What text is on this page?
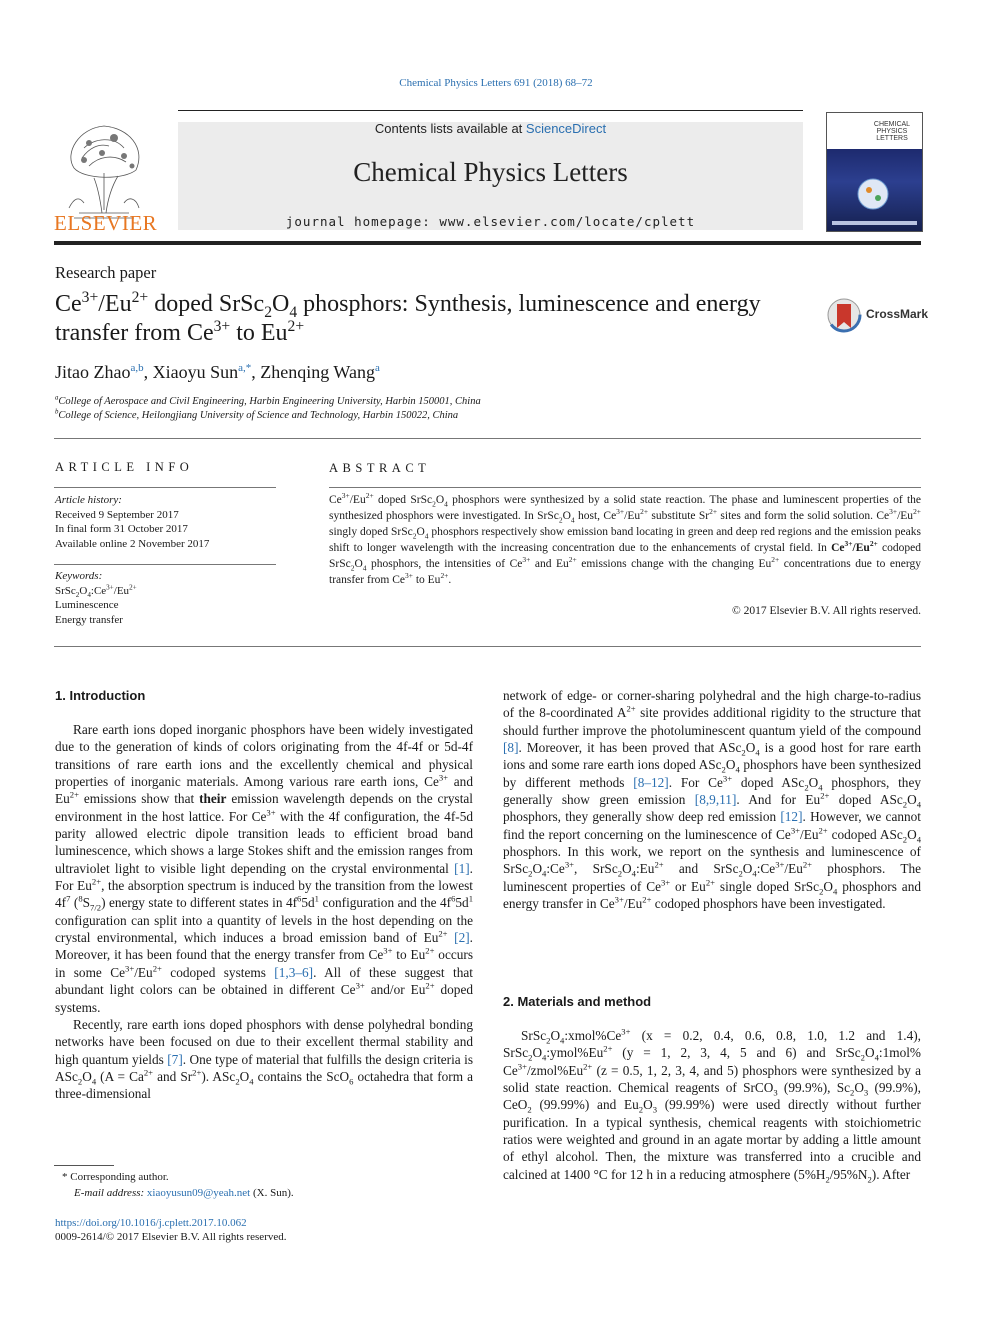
Chemical Physics Letters 691 (2018) 68–72
ELSEVIER
Contents lists available at ScienceDirect
Chemical Physics Letters
journal homepage: www.elsevier.com/locate/cplett
CHEMICAL PHYSICS LETTERS
Research paper
$Ce^{3+}/Eu^{2+}$ doped $SrSc_2O_4$ phosphors: Synthesis, luminescence and energy transfer from $Ce^{3+}$ to $Eu^{2+}$
CrossMark
Jitao Zhao$^{a,b}$, Xiaoyu Sun$^{a,*}$, Zhenqing Wang$^a$
$^a$College of Aerospace and Civil Engineering, Harbin Engineering University, Harbin 150001, China
$^b$College of Science, Heilongjiang University of Science and Technology, Harbin 150022, China
ARTICLE INFO	ABSTRACT
Article history:
Received 9 September 2017
In final form 31 October 2017
Available online 2 November 2017
Keywords:
$SrSc_2O_4:Ce^{3+}/Eu^{2+}$
Luminescence
Energy transfer
$Ce^{3+}/Eu^{2+}$ doped $SrSc_2O_4$ phosphors were synthesized by a solid state reaction. The phase and luminescent properties of the synthesized phosphors were investigated. In $SrSc_2O_4$ host, $Ce^{3+}/Eu^{2+}$ substitute $Sr^{2+}$ sites and form the solid solution. $Ce^{3+}/Eu^{2+}$ singly doped $SrSc_2O_4$ phosphors respectively show emission band locating in green and deep red regions and the emission peaks shift to longer wavelength with the increasing concentration due to the enhancements of crystal field. In $Ce^{3+}/Eu^{2+}$ codoped $SrSc_2O_4$ phosphors, the intensities of $Ce^{3+}$ and $Eu^{2+}$ emissions change with the changing $Eu^{2+}$ concentrations due to energy transfer from $Ce^{3+}$ to $Eu^{2+}$.
© 2017 Elsevier B.V. All rights reserved.
1. Introduction

Rare earth ions doped inorganic phosphors have been widely investigated due to the generation of kinds of colors originating from the 4f-4f or 5d-4f transitions of rare earth ions and the excellently chemical and physical properties of inorganic materials. Among various rare earth ions, $Ce^{3+}$ and $Eu^{2+}$ emissions show that their emission wavelength depends on the crystal environment in the host lattice. For $Ce^{3+}$ with the 4f configuration, the 4f-5d parity allowed electric dipole transition leads to efficient broad band luminescence, which shows a large Stokes shift and the emission ranges from ultraviolet light to visible light depending on the crystal environmental [1]. For $Eu^{2+}$, the absorption spectrum is induced by the transition from the lowest $4f^7$ $(^8S_{7/2})$ energy state to different states in $4f^65d^1$ configuration and the $4f^65d^1$ configuration can split into a quantity of levels in the host depending on the crystal environmental, which induces a broad emission band of $Eu^{2+}$ [2]. Moreover, it has been found that the energy transfer from $Ce^{3+}$ to $Eu^{2+}$ occurs in some $Ce^{3+}/Eu^{2+}$ codoped systems [1,3–6]. All of these suggest that abundant light colors can be obtained in different $Ce^{3+}$ and/or $Eu^{2+}$ doped systems.

Recently, rare earth ions doped phosphors with dense polyhedral bonding networks have been focused on due to their excellent thermal stability and high quantum yields [7]. One type of material that fulfills the design criteria is $ASc_2O_4$ ($A = Ca^{2+}$ and $Sr^{2+}$). $ASc_2O_4$ contains the ScO$_6$ octahedra that form a three-dimensional

network of edge- or corner-sharing polyhedral and the high charge-to-radius of the 8-coordinated $A^{2+}$ site provides additional rigidity to the structure that should further improve the photoluminescent quantum yield of the compound [8]. Moreover, it has been proved that $ASc_2O_4$ is a good host for rare earth ions and some rare earth ions doped $ASc_2O_4$ phosphors have been synthesized by different methods [8–12]. For $Ce^{3+}$ doped $ASc_2O_4$ phosphors, they generally show green emission [8,9,11]. And for $Eu^{2+}$ doped $ASc_2O_4$ phosphors, they generally show deep red emission [12]. However, we cannot find the report concerning on the luminescence of $Ce^{3+}/Eu^{2+}$ codoped $ASc_2O_4$ phosphors. In this work, we report on the synthesis and luminescence of $SrSc_2O_4:Ce^{3+}$, $SrSc_2O_4:Eu^{2+}$ and $SrSc_2O_4:Ce^{3+}/Eu^{2+}$ phosphors. The luminescent properties of $Ce^{3+}$ or $Eu^{2+}$ single doped $SrSc_2O_4$ phosphors and energy transfer in $Ce^{3+}/Eu^{2+}$ codoped phosphors have been investigated.

2. Materials and method

$SrSc_2O_4:xmol\%Ce^{3+}$ (x = 0.2, 0.4, 0.6, 0.8, 1.0, 1.2 and 1.4), $SrSc_2O_4:ymol\%Eu^{2+}$ (y = 1, 2, 3, 4, 5 and 6) and $SrSc_2O_4:1mol\%$ $Ce^{3+}/zmol\%Eu^{2+}$ (z = 0.5, 1, 2, 3, 4, and 5) phosphors were synthesized by a solid state reaction. Chemical reagents of SrCO$_3$ (99.9%), $Sc_2O_3$ (99.9%), CeO$_2$ (99.99%) and $Eu_2O_3$ (99.99%) were used directly without further purification. In a typical synthesis, chemical reagents with stoichiometric ratios were weighted and ground in an agate mortar by adding a little amount of ethyl alcohol. Then, the mixture was transferred into a crucible and calcined at 1400 °C for 12 h in a reducing atmosphere $(5\%H_2/95\%N_2)$. After

* Corresponding author.
E-mail address: xiaoyusun09@yeah.net (X. Sun).
https://doi.org/10.1016/j.cplett.2017.10.062
0009-2614/© 2017 Elsevier B.V. All rights reserved.
